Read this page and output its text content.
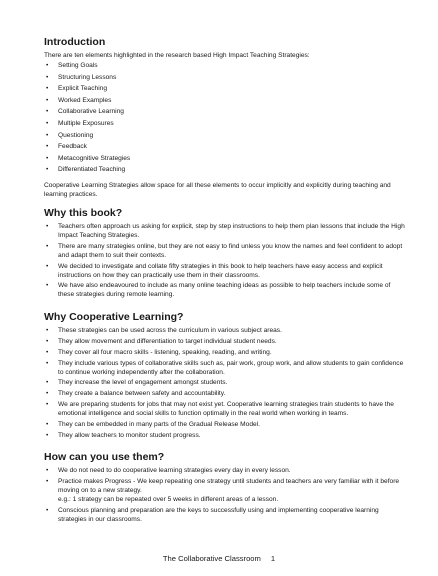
Introduction

There are ten elements highlighted in the research based High Impact Teaching Strategies:

• Setting Goals
• Structuring Lessons
• Explicit Teaching
• Worked Examples
• Collaborative Learning
• Multiple Exposures
• Questioning
• Feedback
• Metacognitive Strategies
• Differentiated Teaching

Cooperative Learning Strategies allow space for all these elements to occur implicitly and explicitly during teaching and learning practices.

Why this book?
• Teachers often approach us asking for explicit, step by step instructions to help them plan lessons that include the High Impact Teaching Strategies.
• There are many strategies online, but they are not easy to find unless you know the names and feel confident to adopt and adapt them to suit their contexts.
• We decided to investigate and collate fifty strategies in this book to help teachers have easy access and explicit instructions on how they can practically use them in their classrooms.
• We have also endeavoured to include as many online teaching ideas as possible to help teachers include some of these strategies during remote learning.
Why Cooperative Learning?
• These strategies can be used across the curriculum in various subject areas.
• They allow movement and differentiation to target individual student needs.
• They cover all four macro skills - listening, speaking, reading, and writing.
• They include various types of collaborative skills such as, pair work, group work, and allow students to gain confidence to continue working independently after the collaboration.
• They increase the level of engagement amongst students.
• They create a balance between safety and accountability.
• We are preparing students for jobs that may not exist yet. Cooperative learning strategies train students to have the emotional intelligence and social skills to function optimally in the real world when working in teams.
• They can be embedded in many parts of the Gradual Release Model.
• They allow teachers to monitor student progress.
How can you use them?
• We do not need to do cooperative learning strategies every day in every lesson.
• Practice makes Progress - We keep repeating one strategy until students and teachers are very familiar with it before moving on to a new strategy.
e.g.: 1 strategy can be repeated over 5 weeks in different areas of a lesson.
• Conscious planning and preparation are the keys to successfully using and implementing cooperative learning strategies in our classrooms.
The Collaborative Classroom 1
